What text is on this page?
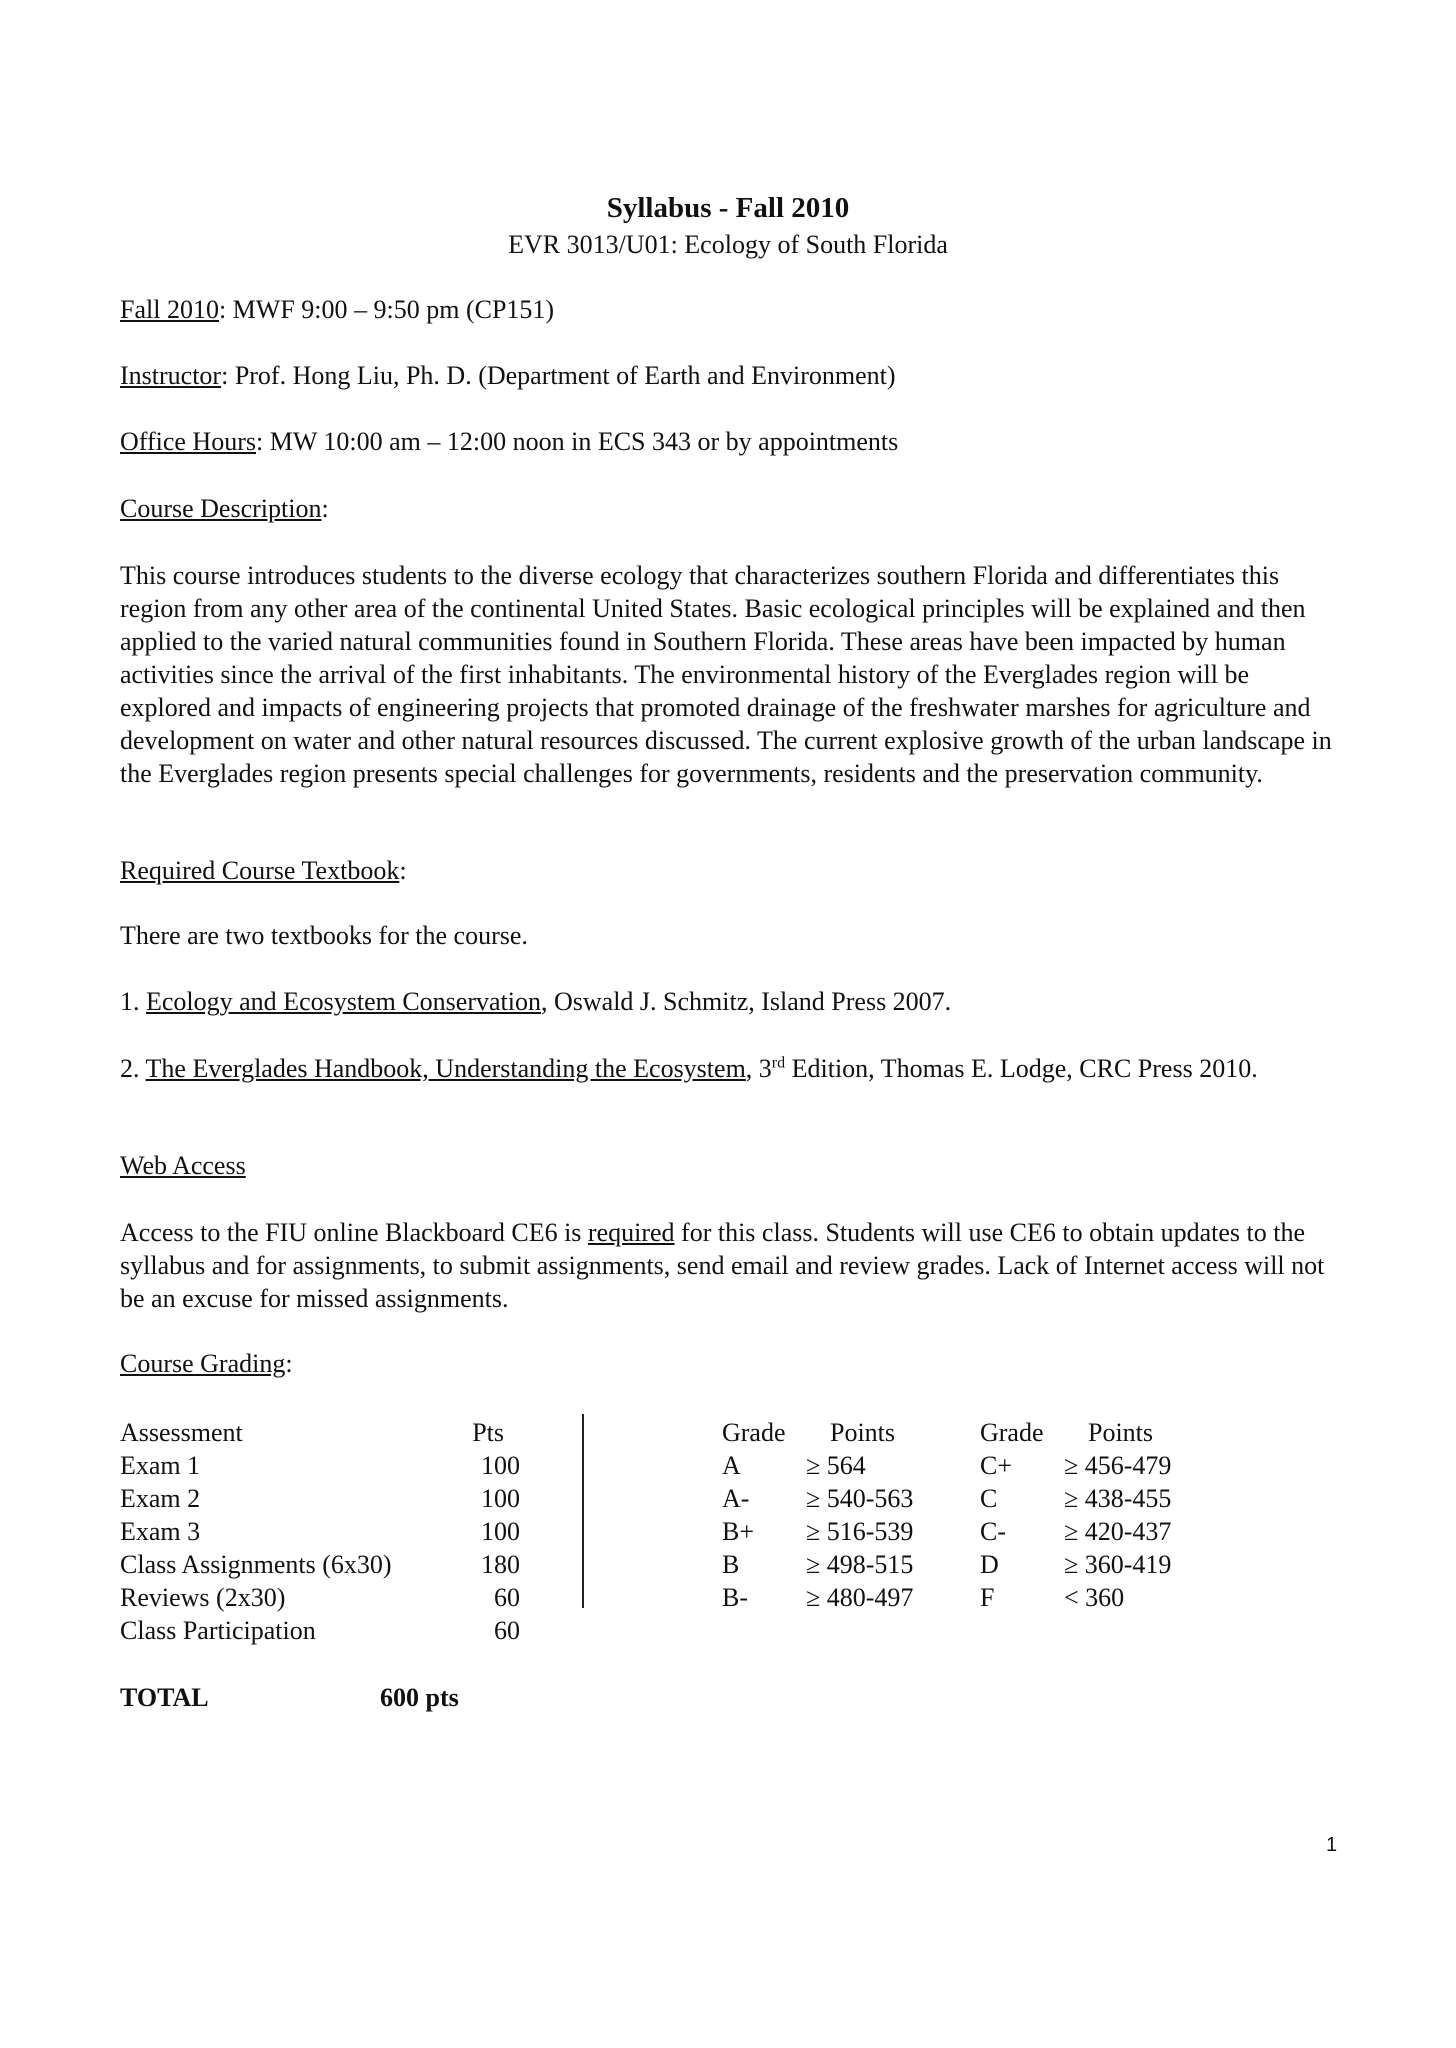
Syllabus - Fall 2010
EVR 3013/U01: Ecology of South Florida
Fall 2010: MWF 9:00 – 9:50 pm (CP151)
Instructor: Prof. Hong Liu, Ph. D. (Department of Earth and Environment)
Office Hours: MW 10:00 am – 12:00 noon in ECS 343 or by appointments
Course Description:
This course introduces students to the diverse ecology that characterizes southern Florida and differentiates this region from any other area of the continental United States. Basic ecological principles will be explained and then applied to the varied natural communities found in Southern Florida. These areas have been impacted by human activities since the arrival of the first inhabitants. The environmental history of the Everglades region will be explored and impacts of engineering projects that promoted drainage of the freshwater marshes for agriculture and development on water and other natural resources discussed. The current explosive growth of the urban landscape in the Everglades region presents special challenges for governments, residents and the preservation community.
Required Course Textbook:
There are two textbooks for the course.
1. Ecology and Ecosystem Conservation, Oswald J. Schmitz, Island Press 2007.
2. The Everglades Handbook, Understanding the Ecosystem, 3rd Edition, Thomas E. Lodge, CRC Press 2010.
Web Access
Access to the FIU online Blackboard CE6 is required for this class. Students will use CE6 to obtain updates to the syllabus and for assignments, to submit assignments, send email and review grades. Lack of Internet access will not be an excuse for missed assignments.
Course Grading:
Assessment	Pts
Exam 1	100
Exam 2	100
Exam 3	100
Class Assignments (6x30)	180
Reviews (2x30)	60
Class Participation	60
Grade Points	Grade Points
A	≥ 564	C+ ≥ 456-479
A- ≥ 540-563	C	≥ 438-455
B+ ≥ 516-539	C- ≥ 420-437
B	≥ 498-515	D	≥ 360-419
B- ≥ 480-497	F	< 360
TOTAL	600 pts
1
